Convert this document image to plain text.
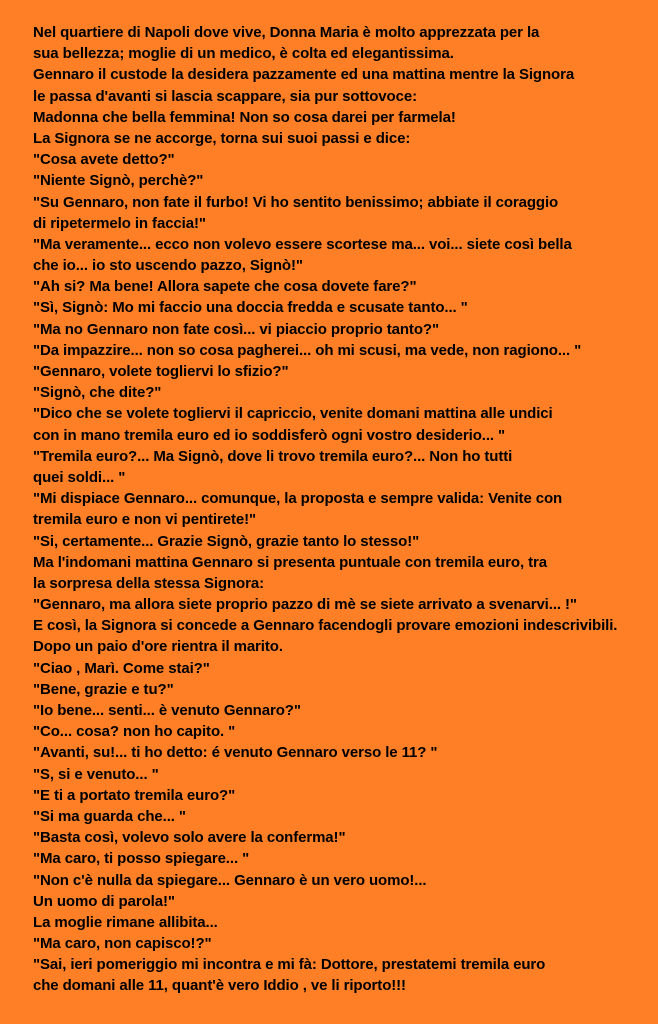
Nel quartiere di Napoli dove vive, Donna Maria è molto apprezzata per la
sua bellezza; moglie di un medico, è colta ed elegantissima.
Gennaro il custode la desidera pazzamente ed una mattina mentre la Signora
le passa d'avanti si lascia scappare, sia pur sottovoce:
Madonna che bella femmina! Non so cosa darei per farmela!
La Signora se ne accorge, torna sui suoi passi e dice:
"Cosa avete detto?"
"Niente Signò, perchè?"
"Su Gennaro, non fate il furbo! Vi ho sentito benissimo; abbiate il coraggio
di ripetermelo in faccia!"
"Ma veramente... ecco non volevo essere scortese ma... voi... siete così bella
che io... io sto uscendo pazzo, Signò!"
"Ah si? Ma bene! Allora sapete che cosa dovete fare?"
"Sì, Signò: Mo mi faccio una doccia fredda e scusate tanto... "
"Ma no Gennaro non fate così... vi piaccio proprio tanto?"
"Da impazzire... non so cosa pagherei... oh mi scusi, ma vede, non ragiono... "
"Gennaro, volete togliervi lo sfizio?"
"Signò, che dite?"
"Dico che se volete togliervi il capriccio, venite domani mattina alle undici
con in mano tremila euro ed io soddisferò ogni vostro desiderio... "
"Tremila euro?... Ma Signò, dove li trovo tremila euro?... Non ho tutti
quei soldi... "
"Mi dispiace Gennaro... comunque, la proposta e sempre valida: Venite con
tremila euro e non vi pentirete!"
"Si, certamente... Grazie Signò, grazie tanto lo stesso!"
Ma l'indomani mattina Gennaro si presenta puntuale con tremila euro, tra
la sorpresa della stessa Signora:
"Gennaro, ma allora siete proprio pazzo di mè se siete arrivato a svenarvi... !"
E così, la Signora si concede a Gennaro facendogli provare emozioni indescrivibili.
Dopo un paio d'ore rientra il marito.
"Ciao , Marì. Come stai?"
"Bene, grazie e tu?"
"Io bene... senti... è venuto Gennaro?"
"Co... cosa? non ho capito. "
"Avanti, su!... ti ho detto: é venuto Gennaro verso le 11? "
"S, si e venuto... "
"E ti a portato tremila euro?"
"Si ma guarda che... "
"Basta così, volevo solo avere la conferma!"
"Ma caro, ti posso spiegare... "
"Non c'è nulla da spiegare... Gennaro è un vero uomo!...
Un uomo di parola!"
La moglie rimane allibita...
"Ma caro, non capisco!?"
"Sai, ieri pomeriggio mi incontra e mi fà: Dottore, prestatemi tremila euro
che domani alle 11, quant'è vero Iddio , ve li riporto!!!
